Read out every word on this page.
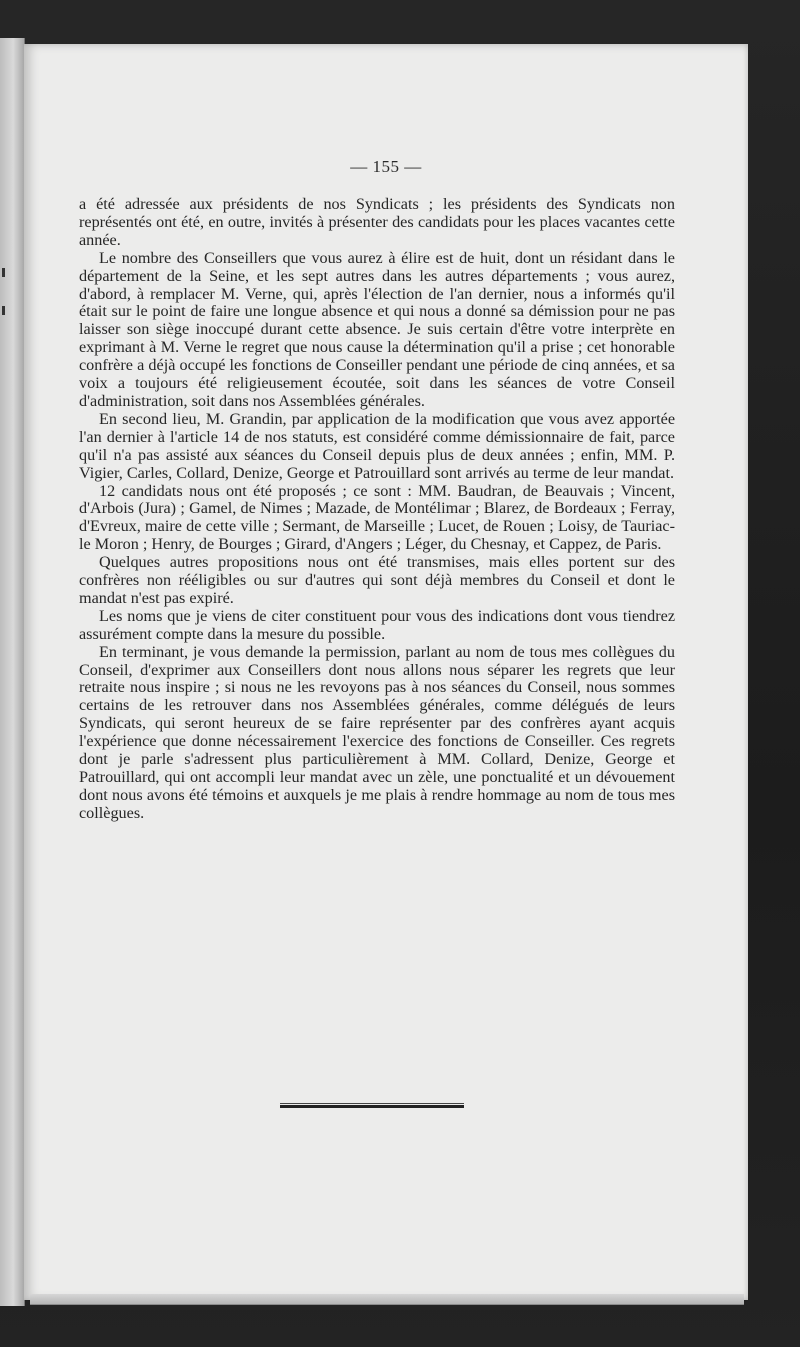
— 155 —

a été adressée aux présidents de nos Syndicats ; les présidents des Syndicats non représentés ont été, en outre, invités à présenter des candidats pour les places vacantes cette année.

Le nombre des Conseillers que vous aurez à élire est de huit, dont un résidant dans le département de la Seine, et les sept autres dans les autres départements ; vous aurez, d'abord, à remplacer M. Verne, qui, après l'élection de l'an dernier, nous a informés qu'il était sur le point de faire une longue absence et qui nous a donné sa démission pour ne pas laisser son siège inoccupé durant cette absence. Je suis certain d'être votre interprète en exprimant à M. Verne le regret que nous cause la détermination qu'il a prise ; cet honorable confrère a déjà occupé les fonctions de Conseiller pendant une période de cinq années, et sa voix a toujours été religieusement écoutée, soit dans les séances de votre Conseil d'administration, soit dans nos Assemblées générales.

En second lieu, M. Grandin, par application de la modification que vous avez apportée l'an dernier à l'article 14 de nos statuts, est considéré comme démissionnaire de fait, parce qu'il n'a pas assisté aux séances du Conseil depuis plus de deux années ; enfin, MM. P. Vigier, Carles, Collard, Denize, George et Patrouillard sont arrivés au terme de leur mandat.

12 candidats nous ont été proposés ; ce sont : MM. Baudran, de Beauvais ; Vincent, d'Arbois (Jura) ; Gamel, de Nimes ; Mazade, de Montélimar ; Blarez, de Bordeaux ; Ferray, d'Evreux, maire de cette ville ; Sermant, de Marseille ; Lucet, de Rouen ; Loisy, de Tauriac-le Moron ; Henry, de Bourges ; Girard, d'Angers ; Léger, du Chesnay, et Cappez, de Paris.

Quelques autres propositions nous ont été transmises, mais elles portent sur des confrères non rééligibles ou sur d'autres qui sont déjà membres du Conseil et dont le mandat n'est pas expiré.

Les noms que je viens de citer constituent pour vous des indications dont vous tiendrez assurément compte dans la mesure du possible.

En terminant, je vous demande la permission, parlant au nom de tous mes collègues du Conseil, d'exprimer aux Conseillers dont nous allons nous séparer les regrets que leur retraite nous inspire ; si nous ne les revoyons pas à nos séances du Conseil, nous sommes certains de les retrouver dans nos Assemblées générales, comme délégués de leurs Syndicats, qui seront heureux de se faire représenter par des confrères ayant acquis l'expérience que donne nécessairement l'exercice des fonctions de Conseiller. Ces regrets dont je parle s'adressent plus particulièrement à MM. Collard, Denize, George et Patrouillard, qui ont accompli leur mandat avec un zèle, une ponctualité et un dévouement dont nous avons été témoins et auxquels je me plais à rendre hommage au nom de tous mes collègues.
